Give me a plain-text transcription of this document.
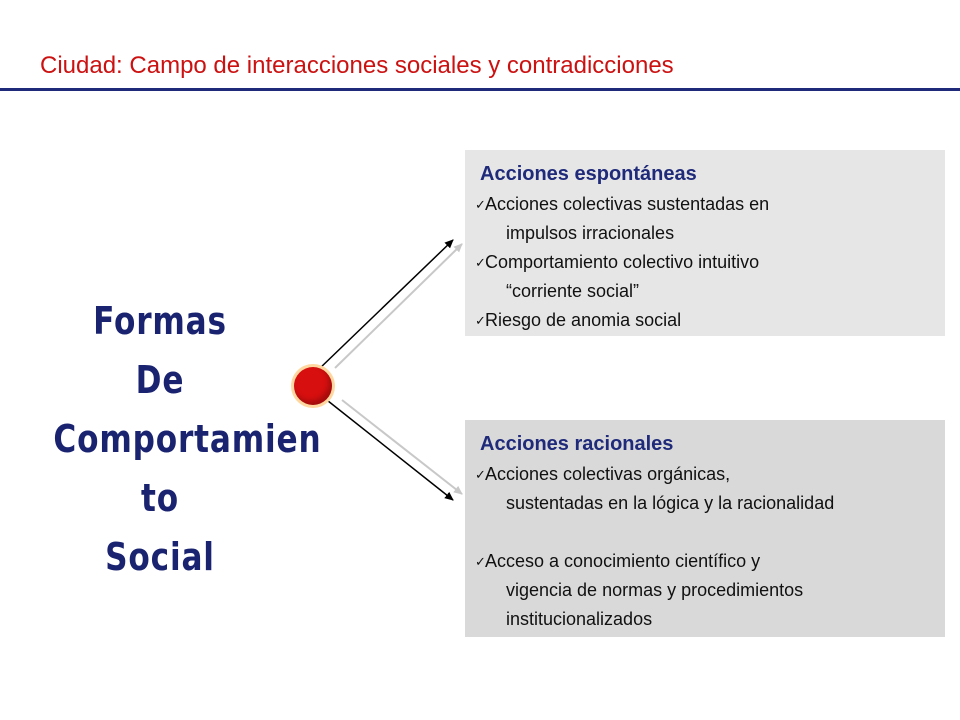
Ciudad: Campo de interacciones sociales y contradicciones
Formas
De
Comportamien
to
Social
Acciones espontáneas
✓ Acciones colectivas sustentadas en
impulsos irracionales
✓ Comportamiento colectivo intuitivo
“corriente social”
✓ Riesgo de anomia social
Acciones racionales
✓ Acciones colectivas orgánicas,
sustentadas en la lógica y la racionalidad
✓ Acceso a conocimiento científico y
vigencia de normas y procedimientos
institucionalizados
